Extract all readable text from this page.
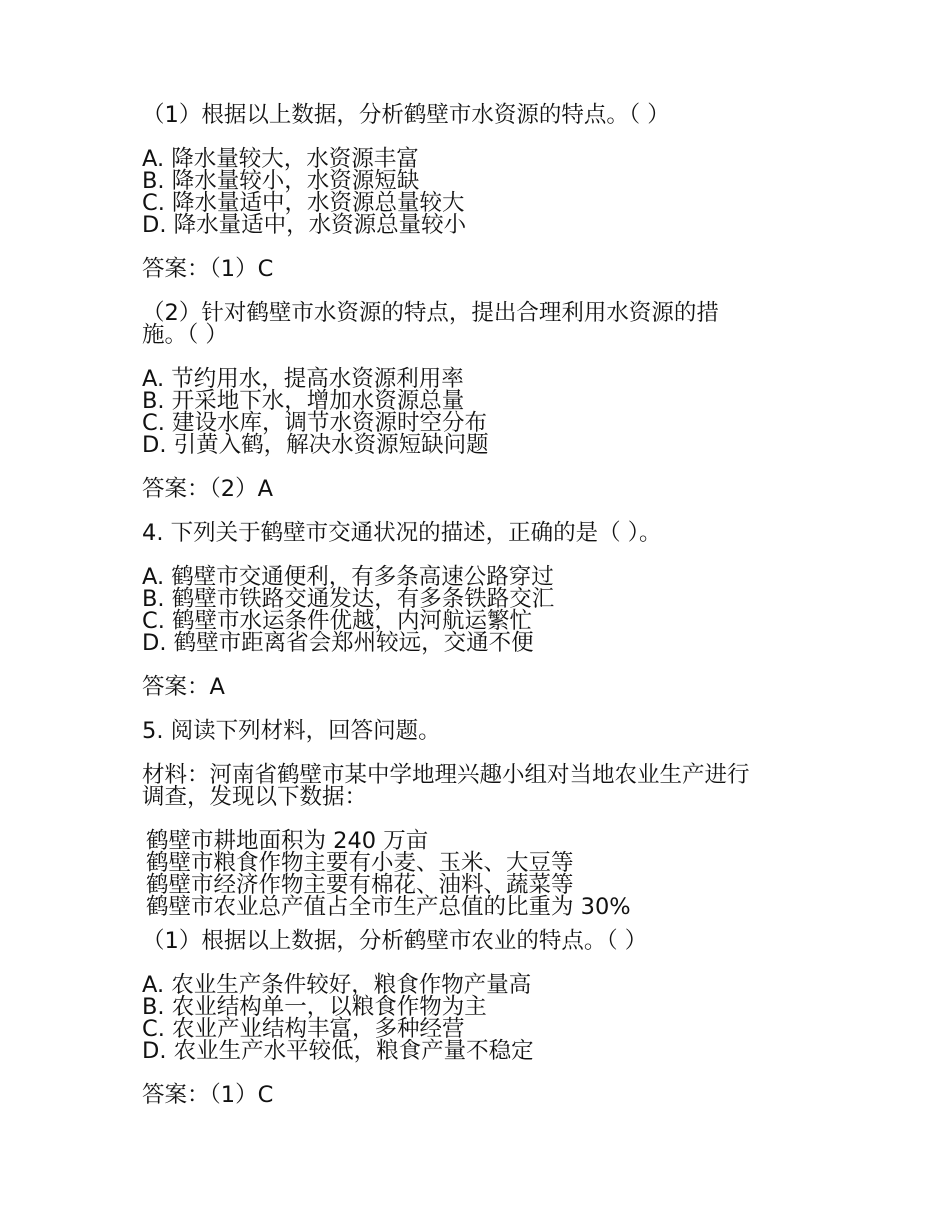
（1）根据以上数据，分析鹤壁市水资源的特点。（ ）
A. 降水量较大，水资源丰富
B. 降水量较小，水资源短缺
C. 降水量适中，水资源总量较大
D. 降水量适中，水资源总量较小
答案：（1）C
（2）针对鹤壁市水资源的特点，提出合理利用水资源的措
施。（ ）
A. 节约用水，提高水资源利用率
B. 开采地下水，增加水资源总量
C. 建设水库，调节水资源时空分布
D. 引黄入鹤，解决水资源短缺问题
答案：（2）A
4. 下列关于鹤壁市交通状况的描述，正确的是（ ）。
A. 鹤壁市交通便利，有多条高速公路穿过
B. 鹤壁市铁路交通发达，有多条铁路交汇
C. 鹤壁市水运条件优越，内河航运繁忙
D. 鹤壁市距离省会郑州较远，交通不便
答案：A
5. 阅读下列材料，回答问题。
材料：河南省鹤壁市某中学地理兴趣小组对当地农业生产进行
调查，发现以下数据：
鹤壁市耕地面积为 240 万亩
鹤壁市粮食作物主要有小麦、玉米、大豆等
鹤壁市经济作物主要有棉花、油料、蔬菜等
鹤壁市农业总产值占全市生产总值的比重为 30%
（1）根据以上数据，分析鹤壁市农业的特点。（ ）
A. 农业生产条件较好，粮食作物产量高
B. 农业结构单一，以粮食作物为主
C. 农业产业结构丰富，多种经营
D. 农业生产水平较低，粮食产量不稳定
答案：（1）C
